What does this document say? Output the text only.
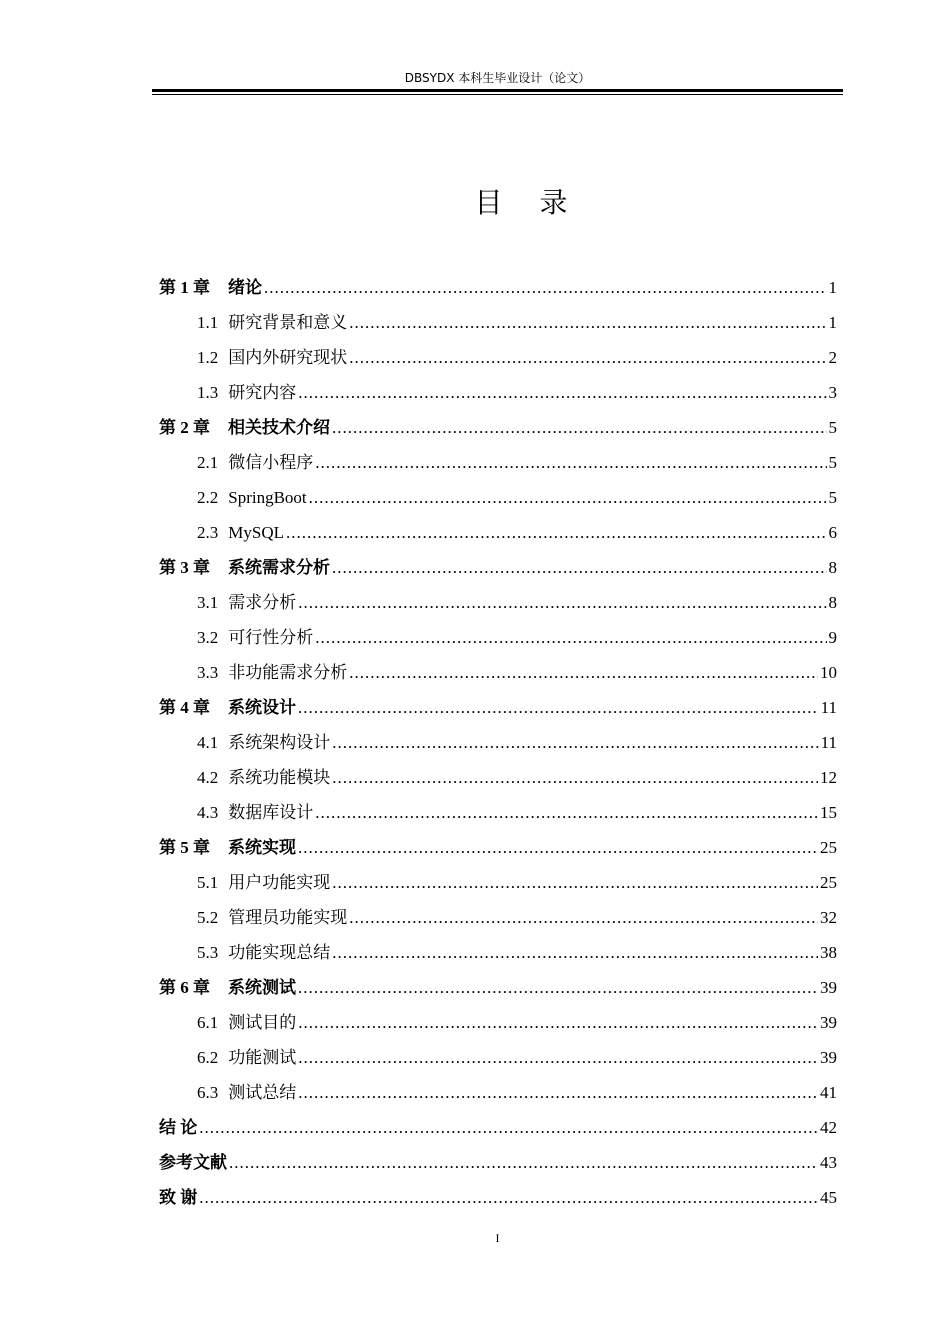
DBSYDX 本科生毕业设计（论文）
目 录
第 1 章 绪论 .....	1
1.1 研究背景和意义 .....	1
1.2 国内外研究现状 .....	2
1.3 研究内容 .....	3
第 2 章 相关技术介绍 .....	5
2.1 微信小程序 .....	5
2.2 SpringBoot .....	5
2.3 MySQL .....	6
第 3 章 系统需求分析 .....	8
3.1 需求分析 .....	8
3.2 可行性分析 .....	9
3.3 非功能需求分析 .....	10
第 4 章 系统设计 .....	11
4.1 系统架构设计 .....	11
4.2 系统功能模块 .....	12
4.3 数据库设计 .....	15
第 5 章 系统实现 .....	25
5.1 用户功能实现 .....	25
5.2 管理员功能实现 .....	32
5.3 功能实现总结 .....	38
第 6 章 系统测试 .....	39
6.1 测试目的 .....	39
6.2 功能测试 .....	39
6.3 测试总结 .....	41
结 论 .....	42
参考文献 .....	43
致 谢 .....	45
I
